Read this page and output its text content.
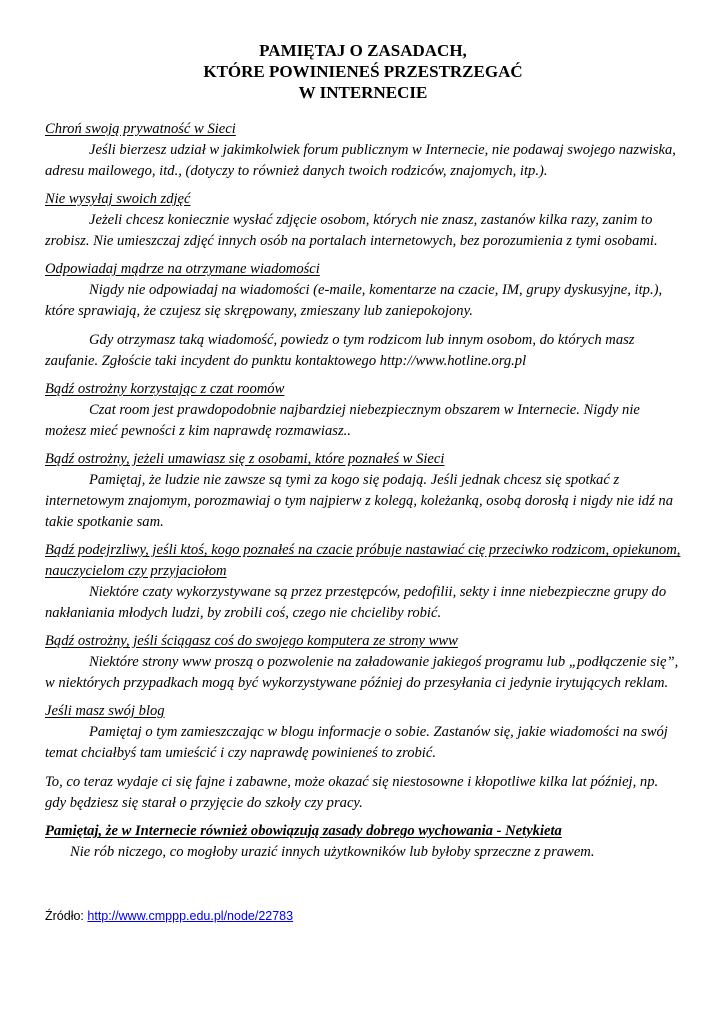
PAMIĘTAJ O ZASADACH,
KTÓRE POWINIENEŚ PRZESTRZEGAĆ
W INTERNECIE

Chroń swoją prywatność w Sieci

Jeśli bierzesz udział w jakimkolwiek forum publicznym w Internecie, nie podawaj swojego nazwiska, adresu mailowego, itd., (dotyczy to również danych twoich rodziców, znajomych, itp.).

Nie wysyłaj swoich zdjęć

Jeżeli chcesz koniecznie wysłać zdjęcie osobom, których nie znasz, zastanów kilka razy, zanim to zrobisz. Nie umieszczaj zdjęć innych osób na portalach internetowych, bez porozumienia z tymi osobami.

Odpowiadaj mądrze na otrzymane wiadomości

Nigdy nie odpowiadaj na wiadomości (e-maile, komentarze na czacie, IM, grupy dyskusyjne, itp.), które sprawiają, że czujesz się skrępowany, zmieszany lub zaniepokojony.

Gdy otrzymasz taką wiadomość, powiedz o tym rodzicom lub innym osobom, do których masz zaufanie. Zgłoście taki incydent do punktu kontaktowego http://www.hotline.org.pl

Bądź ostrożny korzystając z czat roomów

Czat room jest prawdopodobnie najbardziej niebezpiecznym obszarem w Internecie. Nigdy nie możesz mieć pewności z kim naprawdę rozmawiasz..

Bądź ostrożny, jeżeli umawiasz się z osobami, które poznałeś w Sieci

Pamiętaj, że ludzie nie zawsze są tymi za kogo się podają. Jeśli jednak chcesz się spotkać z internetowym znajomym, porozmawiaj o tym najpierw z kolegą, koleżanką, osobą dorosłą i nigdy nie idź na takie spotkanie sam.

Bądź podejrzliwy, jeśli ktoś, kogo poznałeś na czacie próbuje nastawiać cię przeciwko rodzicom, opiekunom, nauczycielom czy przyjaciołom

Niektóre czaty wykorzystywane są przez przestępców, pedofilii, sekty i inne niebezpieczne grupy do nakłaniania młodych ludzi, by zrobili coś, czego nie chcieliby robić.

Bądź ostrożny, jeśli ściągasz coś do swojego komputera ze strony www

Niektóre strony www proszą o pozwolenie na załadowanie jakiegoś programu lub „podłączenie się”, w niektórych przypadkach mogą być wykorzystywane później do przesyłania ci jedynie irytujących reklam.

Jeśli masz swój blog

Pamiętaj o tym zamieszczając w blogu informacje o sobie. Zastanów się, jakie wiadomości na swój temat chciałbyś tam umieścić i czy naprawdę powinieneś to zrobić.

To, co teraz wydaje ci się fajne i zabawne, może okazać się niestosowne i kłopotliwe kilka lat później, np. gdy będziesz się starał o przyjęcie do szkoły czy pracy.

Pamiętaj, że w Internecie również obowiązują zasady dobrego wychowania - Netykieta

Nie rób niczego, co mogłoby urazić innych użytkowników lub byłoby sprzeczne z prawem.

Źródło: http://www.cmppp.edu.pl/node/22783
